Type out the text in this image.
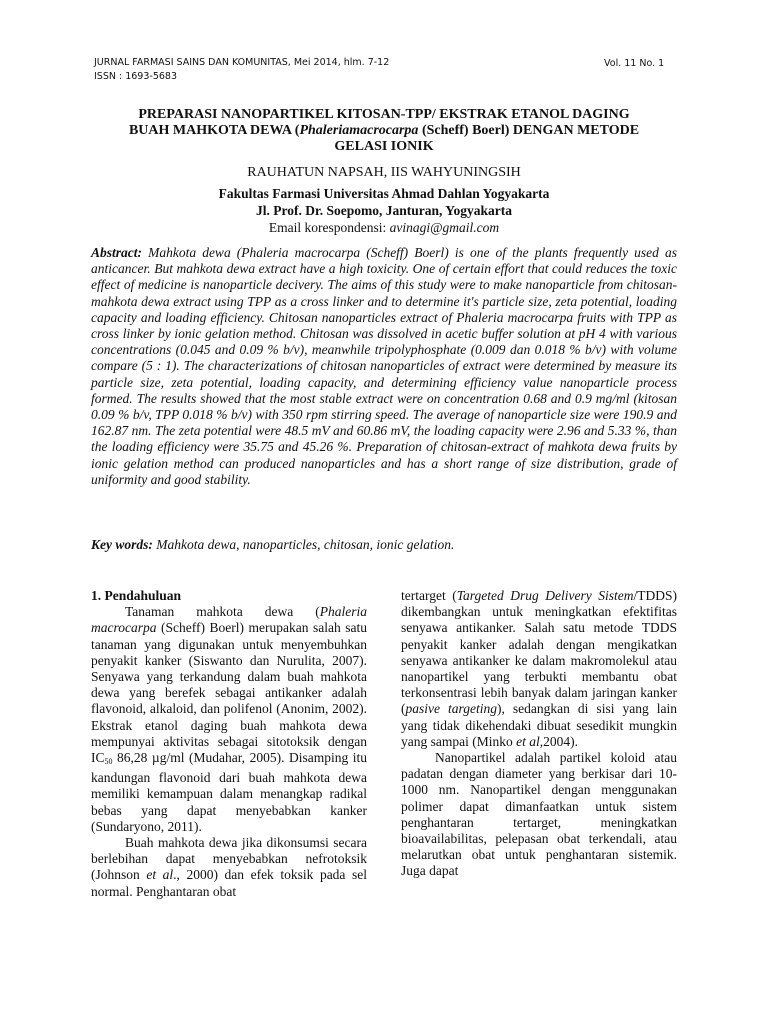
JURNAL FARMASI SAINS DAN KOMUNITAS, Mei 2014, hlm. 7-12
ISSN : 1693-5683
Vol. 11 No. 1
PREPARASI NANOPARTIKEL KITOSAN-TPP/ EKSTRAK ETANOL DAGING
BUAH MAHKOTA DEWA (Phaleriamacrocarpa (Scheff) Boerl) DENGAN METODE
GELASI IONIK
RAUHATUN NAPSAH, IIS WAHYUNINGSIH
Fakultas Farmasi Universitas Ahmad Dahlan Yogyakarta
Jl. Prof. Dr. Soepomo, Janturan, Yogyakarta
Email korespondensi: avinagi@gmail.com
Abstract: Mahkota dewa (Phaleria macrocarpa (Scheff) Boerl) is one of the plants frequently used as anticancer. But mahkota dewa extract have a high toxicity. One of certain effort that could reduces the toxic effect of medicine is nanoparticle decivery. The aims of this study were to make nanoparticle from chitosan-mahkota dewa extract using TPP as a cross linker and to determine it's particle size, zeta potential, loading capacity and loading efficiency. Chitosan nanoparticles extract of Phaleria macrocarpa fruits with TPP as cross linker by ionic gelation method. Chitosan was dissolved in acetic buffer solution at pH 4 with various concentrations (0.045 and 0.09 % b/v), meanwhile tripolyphosphate (0.009 dan 0.018 % b/v) with volume compare (5 : 1). The characterizations of chitosan nanoparticles of extract were determined by measure its particle size, zeta potential, loading capacity, and determining efficiency value nanoparticle process formed. The results showed that the most stable extract were on concentration 0.68 and 0.9 mg/ml (kitosan 0.09 % b/v, TPP 0.018 % b/v) with 350 rpm stirring speed. The average of nanoparticle size were 190.9 and 162.87 nm. The zeta potential were 48.5 mV and 60.86 mV, the loading capacity were 2.96 and 5.33 %, than the loading efficiency were 35.75 and 45.26 %. Preparation of chitosan-extract of mahkota dewa fruits by ionic gelation method can produced nanoparticles and has a short range of size distribution, grade of uniformity and good stability.
Key words: Mahkota dewa, nanoparticles, chitosan, ionic gelation.

1. Pendahuluan

Tanaman mahkota dewa (Phaleria macrocarpa (Scheff) Boerl) merupakan salah satu tanaman yang digunakan untuk menyembuhkan penyakit kanker (Siswanto dan Nurulita, 2007). Senyawa yang terkandung dalam buah mahkota dewa yang berefek sebagai antikanker adalah flavonoid, alkaloid, dan polifenol (Anonim, 2002). Ekstrak etanol daging buah mahkota dewa mempunyai aktivitas sebagai sitotoksik dengan $IC_{50}$ 86,28 µg/ml (Mudahar, 2005). Disamping itu kandungan flavonoid dari buah mahkota dewa memiliki kemampuan dalam menangkap radikal bebas yang dapat menyebabkan kanker (Sundaryono, 2011).

Buah mahkota dewa jika dikonsumsi secara berlebihan dapat menyebabkan nefrotoksik (Johnson et al., 2000) dan efek toksik pada sel normal. Penghantaran obat

tertarget (Targeted Drug Delivery Sistem/TDDS) dikembangkan untuk meningkatkan efektifitas senyawa antikanker. Salah satu metode TDDS penyakit kanker adalah dengan mengikatkan senyawa antikanker ke dalam makromolekul atau nanopartikel yang terbukti membantu obat terkonsentrasi lebih banyak dalam jaringan kanker (pasive targeting), sedangkan di sisi yang lain yang tidak dikehendaki dibuat sesedikit mungkin yang sampai (Minko et al,2004).

Nanopartikel adalah partikel koloid atau padatan dengan diameter yang berkisar dari 10-1000 nm. Nanopartikel dengan menggunakan polimer dapat dimanfaatkan untuk sistem penghantaran tertarget, meningkatkan bioavailabilitas, pelepasan obat terkendali, atau melarutkan obat untuk penghantaran sistemik. Juga dapat
